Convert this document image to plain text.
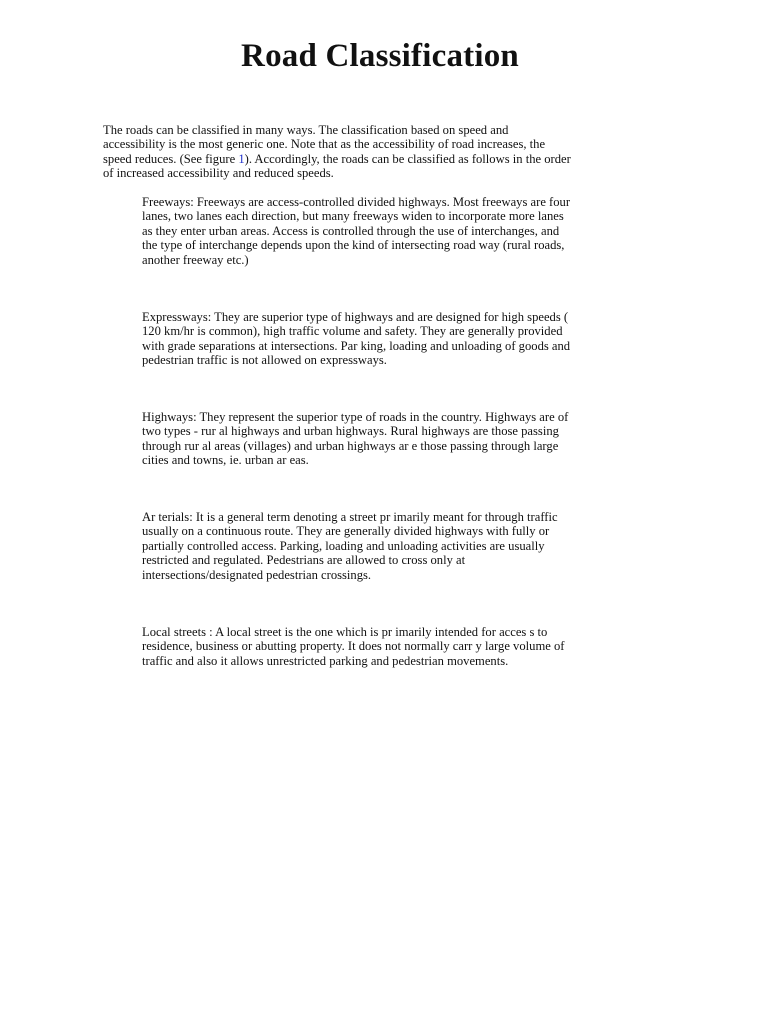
Road Classification

The roads can be classified in many ways. The classification based on speed and accessibility is the most generic one. Note that as the accessibility of road increases, the speed reduces. (See figure 1). Accordingly, the roads can be classified as follows in the order of increased accessibility and reduced speeds.

Freeways: Freeways are access-controlled divided highways. Most freeways are four lanes, two lanes each direction, but many freeways widen to incorporate more lanes as they enter urban areas. Access is controlled through the use of interchanges, and the type of interchange depends upon the kind of intersecting road way (rural roads, another freeway etc.)

Expressways: They are superior type of highways and are designed for high speeds ( 120 km/hr is common), high traffic volume and safety. They are generally provided with grade separations at intersections. Par king, loading and unloading of goods and pedestrian traffic is not allowed on expressways.

Highways: They represent the superior type of roads in the country. Highways are of two types - rur al highways and urban highways. Rural highways are those passing through rur al areas (villages) and urban highways ar e those passing through large cities and towns, ie. urban ar eas.

Ar terials: It is a general term denoting a street pr imarily meant for through traffic usually on a continuous route. They are generally divided highways with fully or partially controlled access. Parking, loading and unloading activities are usually restricted and regulated. Pedestrians are allowed to cross only at intersections/designated pedestrian crossings.

Local streets : A local street is the one which is pr imarily intended for acces s to residence, business or abutting property. It does not normally carr y large volume of traffic and also it allows unrestricted parking and pedestrian movements.
